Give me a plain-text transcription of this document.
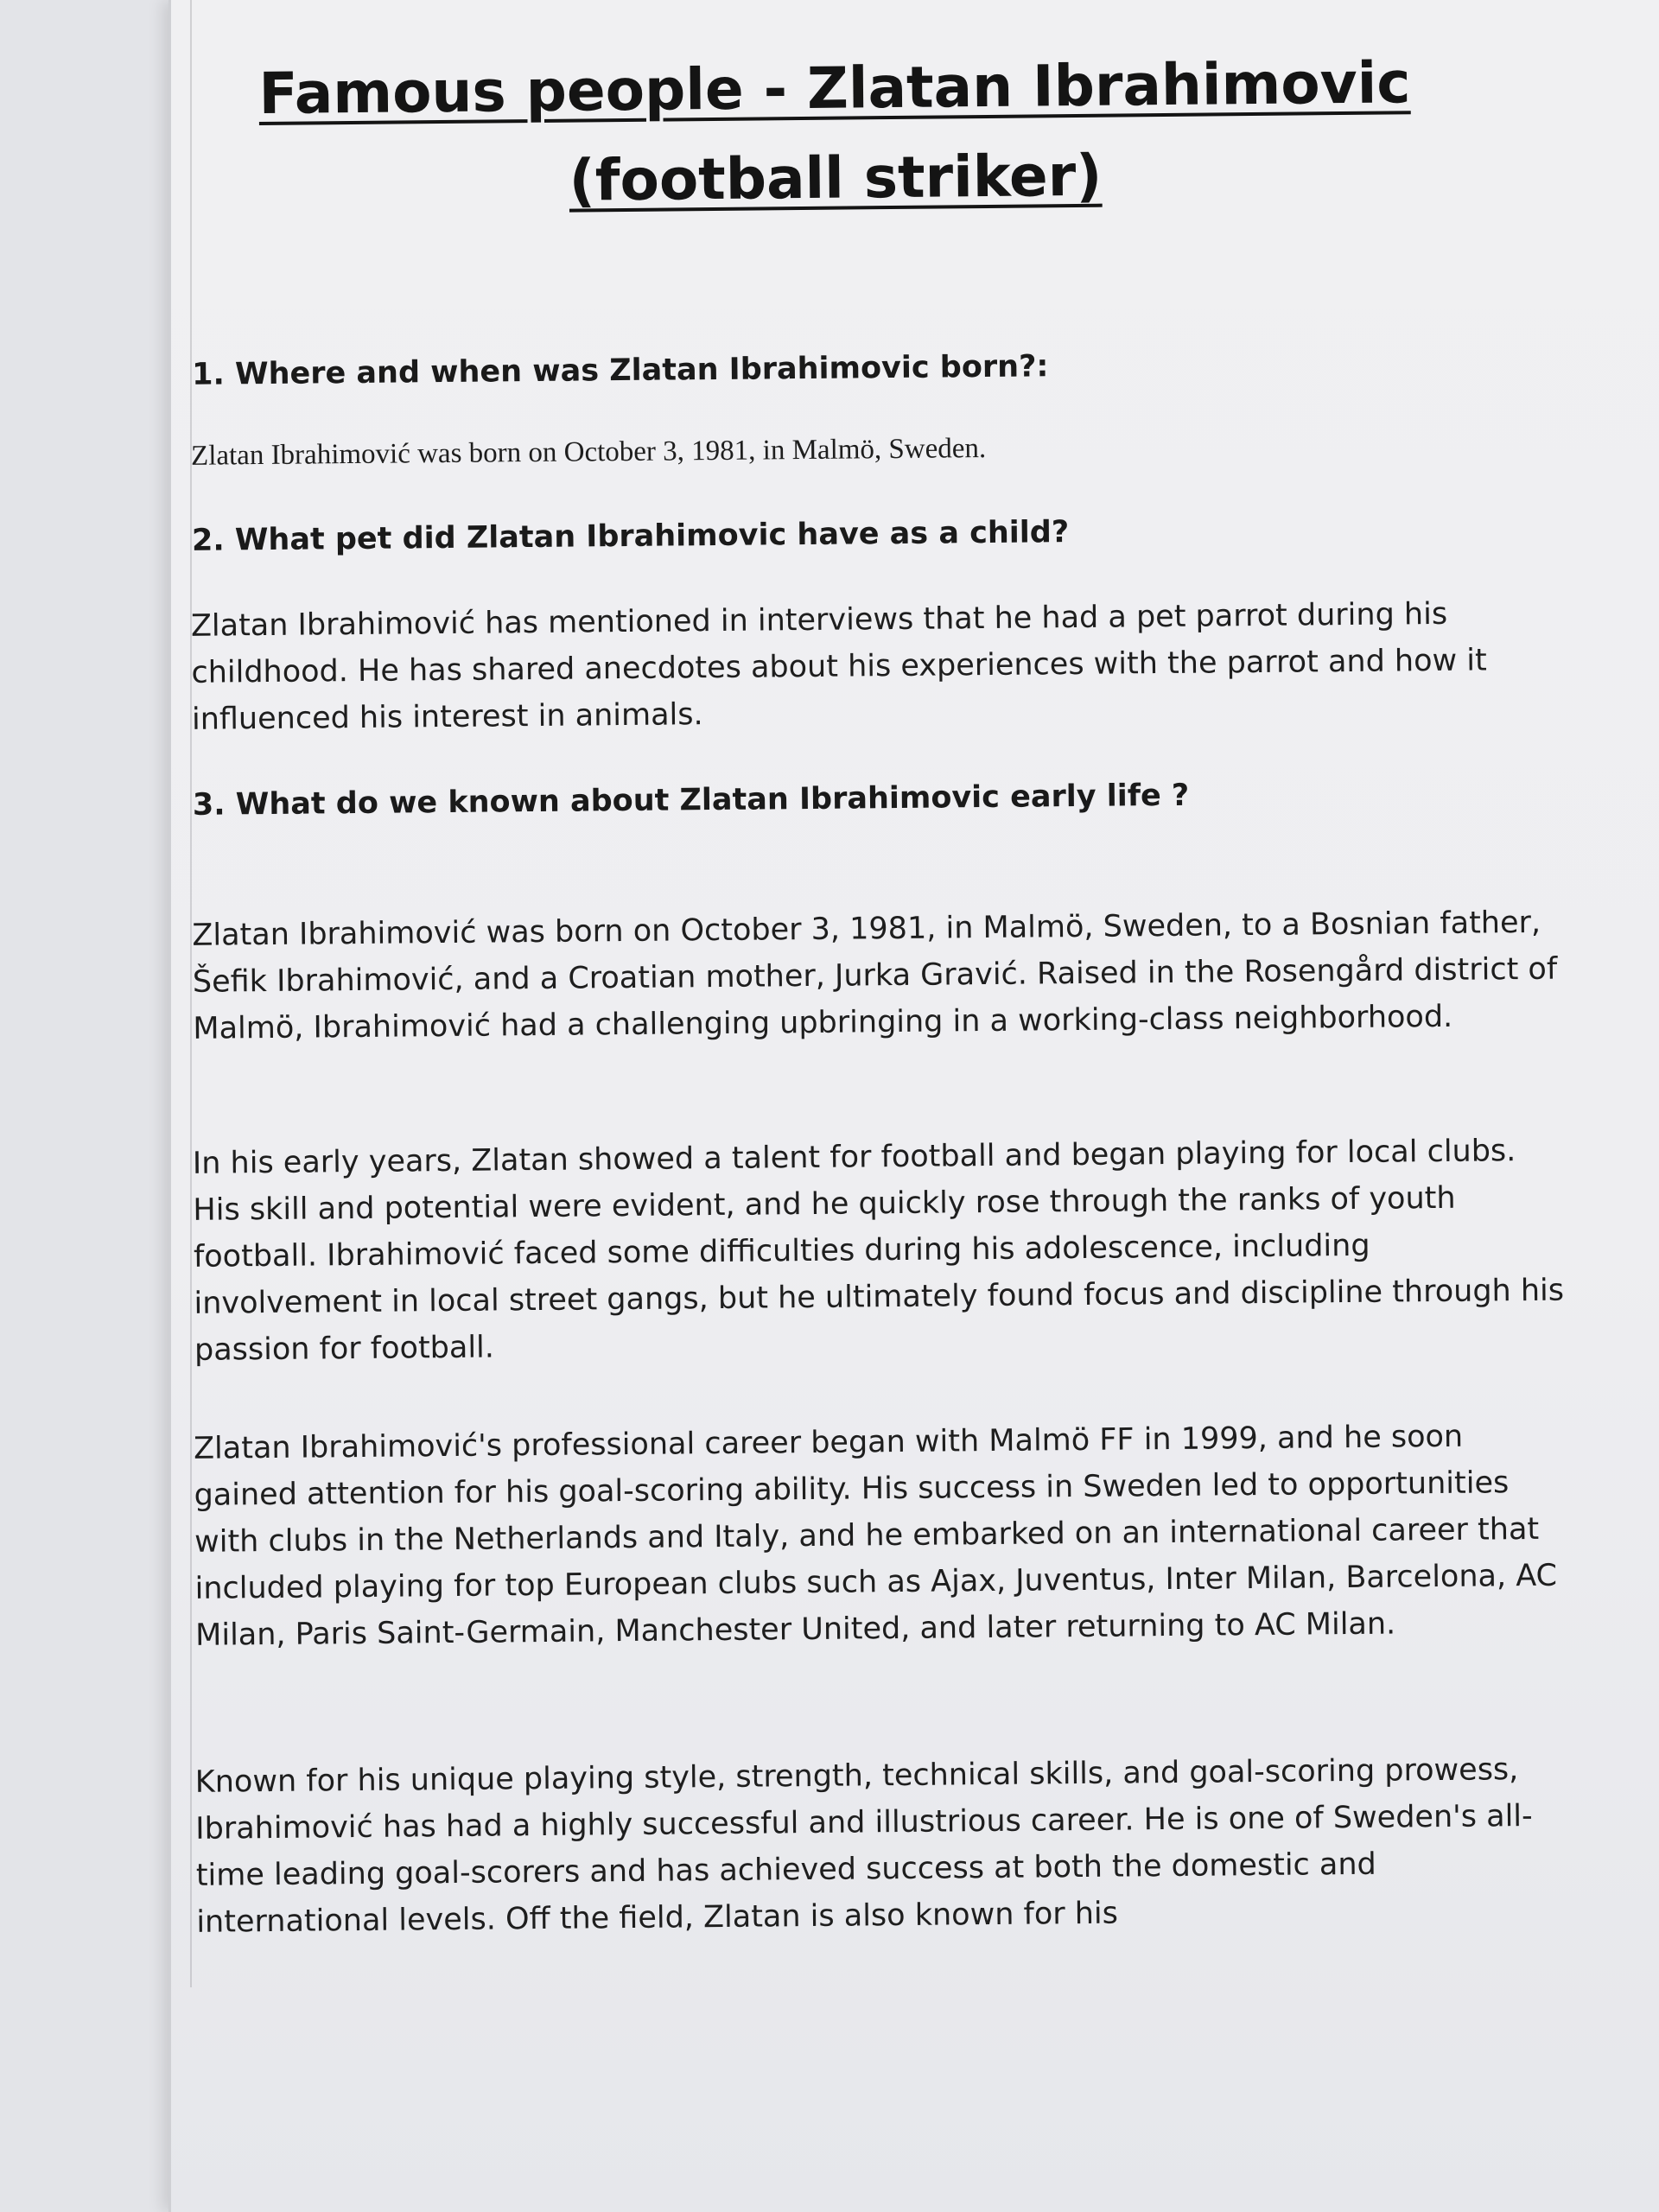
Famous people - Zlatan Ibrahimovic
(football striker)

1. Where and when was Zlatan Ibrahimovic born?:

Zlatan Ibrahimović was born on October 3, 1981, in Malmö, Sweden.

2. What pet did Zlatan Ibrahimovic have as a child?

Zlatan Ibrahimović has mentioned in interviews that he had a pet parrot during his childhood. He has shared anecdotes about his experiences with the parrot and how it influenced his interest in animals.

3. What do we known about Zlatan Ibrahimovic early life ?

Zlatan Ibrahimović was born on October 3, 1981, in Malmö, Sweden, to a Bosnian father, Šefik Ibrahimović, and a Croatian mother, Jurka Gravić. Raised in the Rosengård district of Malmö, Ibrahimović had a challenging upbringing in a working-class neighborhood.

In his early years, Zlatan showed a talent for football and began playing for local clubs. His skill and potential were evident, and he quickly rose through the ranks of youth football. Ibrahimović faced some difficulties during his adolescence, including involvement in local street gangs, but he ultimately found focus and discipline through his passion for football.

Zlatan Ibrahimović's professional career began with Malmö FF in 1999, and he soon gained attention for his goal-scoring ability. His success in Sweden led to opportunities with clubs in the Netherlands and Italy, and he embarked on an international career that included playing for top European clubs such as Ajax, Juventus, Inter Milan, Barcelona, AC Milan, Paris Saint-Germain, Manchester United, and later returning to AC Milan.

Known for his unique playing style, strength, technical skills, and goal-scoring prowess, Ibrahimović has had a highly successful and illustrious career. He is one of Sweden's all-time leading goal-scorers and has achieved success at both the domestic and international levels. Off the field, Zlatan is also known for his
